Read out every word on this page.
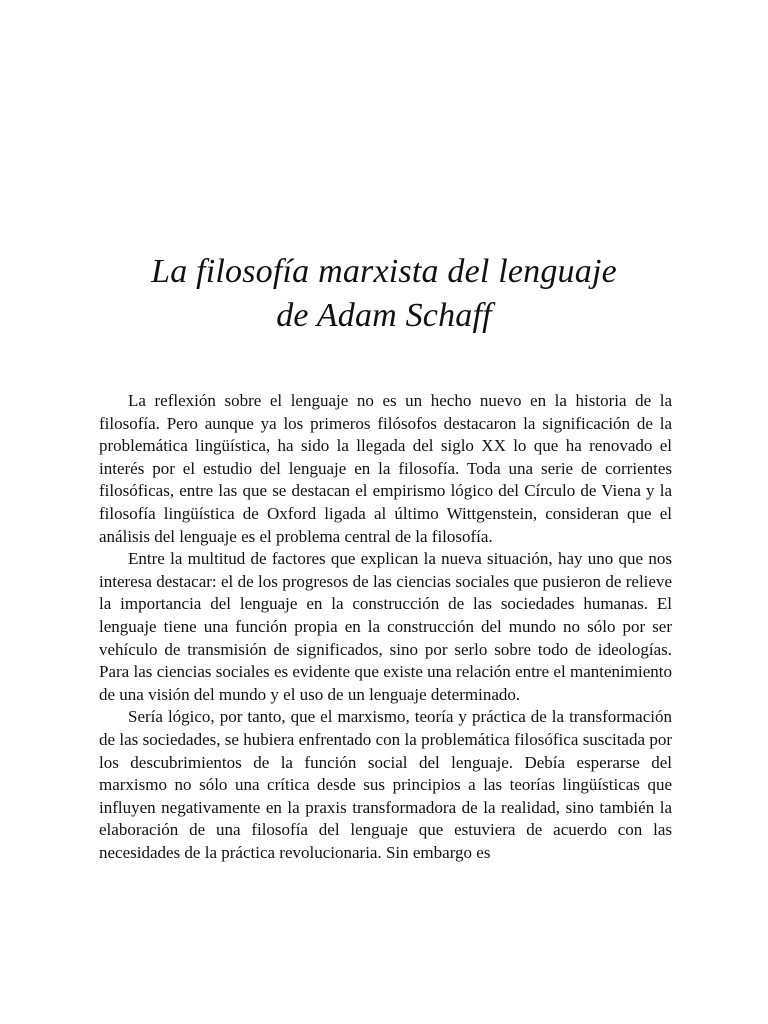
La filosofía marxista del lenguaje
de Adam Schaff

La reflexión sobre el lenguaje no es un hecho nuevo en la historia de la filosofía. Pero aunque ya los primeros filósofos destacaron la significación de la problemática lingüística, ha sido la llegada del siglo XX lo que ha renovado el interés por el estudio del lenguaje en la filosofía. Toda una serie de corrientes filosóficas, entre las que se destacan el empirismo lógico del Círculo de Viena y la filosofía lingüística de Oxford ligada al último Wittgenstein, consideran que el análisis del lenguaje es el problema central de la filosofía.

Entre la multitud de factores que explican la nueva situación, hay uno que nos interesa destacar: el de los progresos de las ciencias sociales que pusieron de relieve la importancia del lenguaje en la construcción de las sociedades humanas. El lenguaje tiene una función propia en la construcción del mundo no sólo por ser vehículo de transmisión de significados, sino por serlo sobre todo de ideologías. Para las ciencias sociales es evidente que existe una relación entre el mantenimiento de una visión del mundo y el uso de un lenguaje determinado.

Sería lógico, por tanto, que el marxismo, teoría y práctica de la transformación de las sociedades, se hubiera enfrentado con la problemática filosófica suscitada por los descubrimientos de la función social del lenguaje. Debía esperarse del marxismo no sólo una crítica desde sus principios a las teorías lingüísticas que influyen negativamente en la praxis transformadora de la realidad, sino también la elaboración de una filosofía del lenguaje que estuviera de acuerdo con las necesidades de la práctica revolucionaria. Sin embargo es
